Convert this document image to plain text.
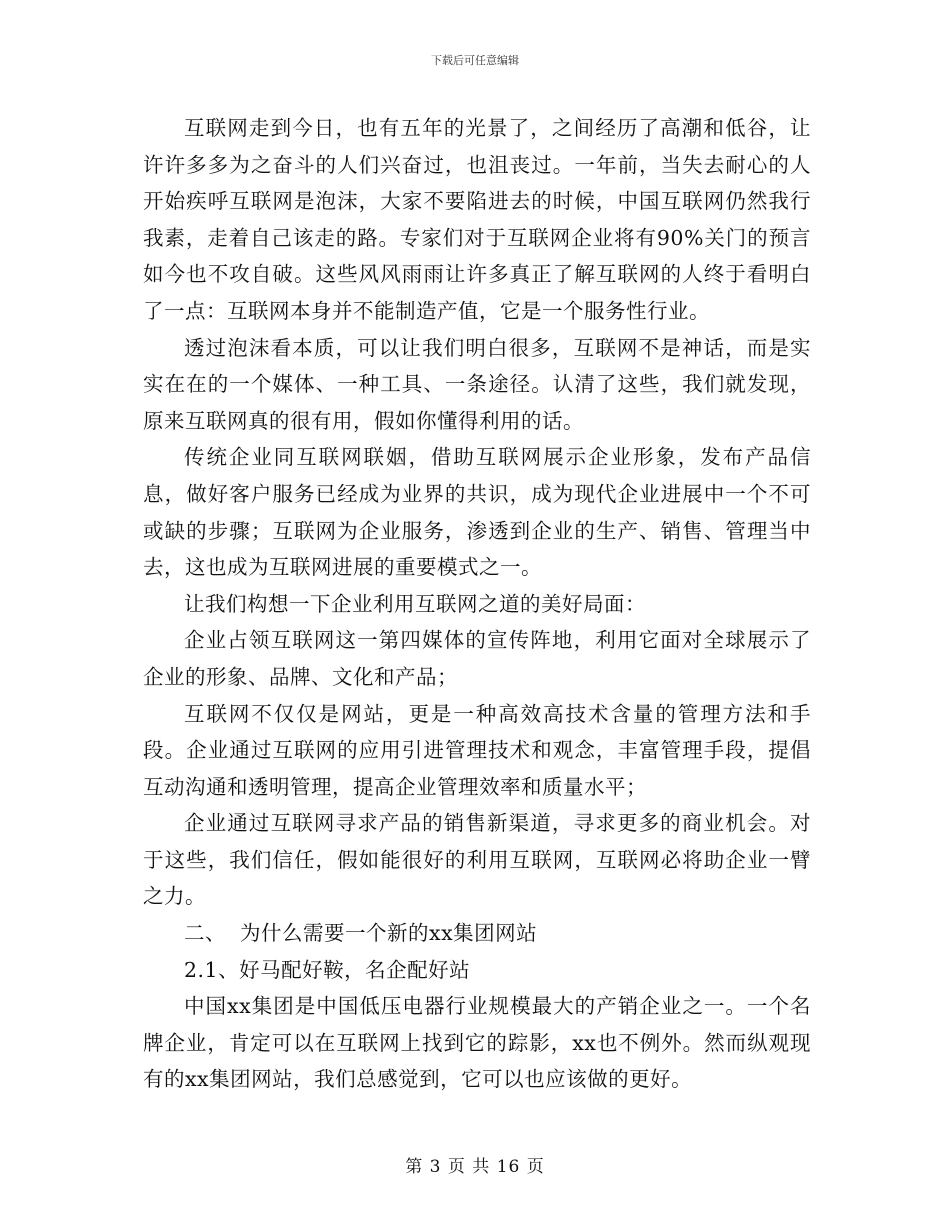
下载后可任意编辑

互联网走到今日，也有五年的光景了，之间经历了高潮和低谷，让许许多多为之奋斗的人们兴奋过，也沮丧过。一年前，当失去耐心的人开始疾呼互联网是泡沫，大家不要陷进去的时候，中国互联网仍然我行我素，走着自己该走的路。专家们对于互联网企业将有90%关门的预言如今也不攻自破。这些风风雨雨让许多真正了解互联网的人终于看明白了一点：互联网本身并不能制造产值，它是一个服务性行业。

透过泡沫看本质，可以让我们明白很多，互联网不是神话，而是实实在在的一个媒体、一种工具、一条途径。认清了这些，我们就发现，原来互联网真的很有用，假如你懂得利用的话。

传统企业同互联网联姻，借助互联网展示企业形象，发布产品信息，做好客户服务已经成为业界的共识，成为现代企业进展中一个不可或缺的步骤；互联网为企业服务，渗透到企业的生产、销售、管理当中去，这也成为互联网进展的重要模式之一。

让我们构想一下企业利用互联网之道的美好局面：

企业占领互联网这一第四媒体的宣传阵地，利用它面对全球展示了企业的形象、品牌、文化和产品；

互联网不仅仅是网站，更是一种高效高技术含量的管理方法和手段。企业通过互联网的应用引进管理技术和观念，丰富管理手段，提倡互动沟通和透明管理，提高企业管理效率和质量水平；

企业通过互联网寻求产品的销售新渠道，寻求更多的商业机会。对于这些，我们信任，假如能很好的利用互联网，互联网必将助企业一臂之力。

二、  为什么需要一个新的xx集团网站

2.1、好马配好鞍，名企配好站

中国xx集团是中国低压电器行业规模最大的产销企业之一。一个名牌企业，肯定可以在互联网上找到它的踪影，xx也不例外。然而纵观现有的xx集团网站，我们总感觉到，它可以也应该做的更好。

第 3 页 共 16 页
